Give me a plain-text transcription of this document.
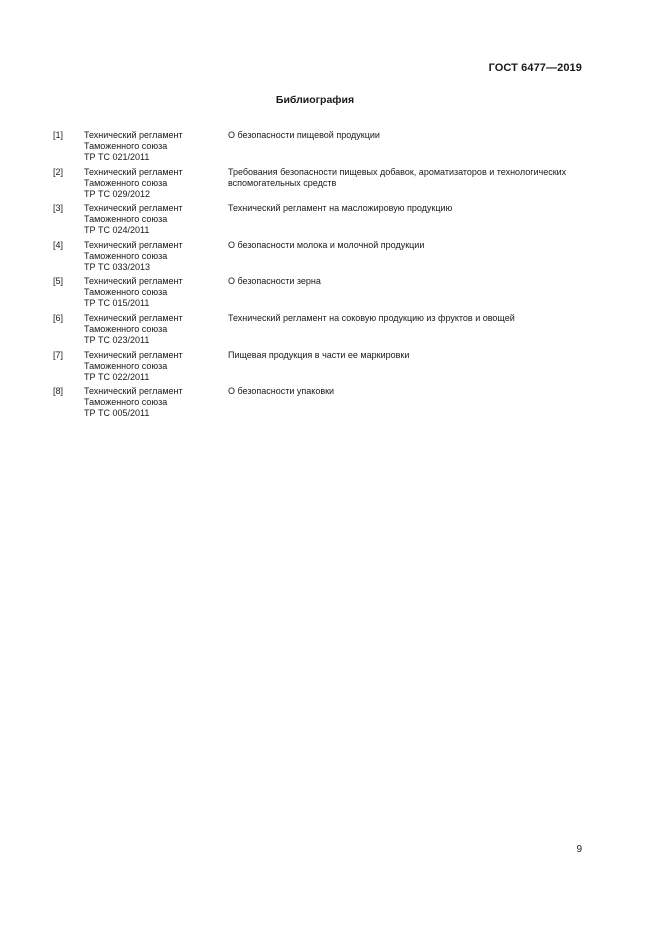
ГОСТ 6477—2019
Библиография
[1] Технический регламент
Таможенного союза
ТР ТС 021/2011
О безопасности пищевой продукции
[2] Технический регламент
Таможенного союза
ТР ТС 029/2012
Требования безопасности пищевых добавок, ароматизаторов и технологических вспомогательных средств
[3] Технический регламент
Таможенного союза
ТР ТС 024/2011
Технический регламент на масложировую продукцию
[4] Технический регламент
Таможенного союза
ТР ТС 033/2013
О безопасности молока и молочной продукции
[5] Технический регламент
Таможенного союза
ТР ТС 015/2011
О безопасности зерна
[6] Технический регламент
Таможенного союза
ТР ТС 023/2011
Технический регламент на соковую продукцию из фруктов и овощей
[7] Технический регламент
Таможенного союза
ТР ТС 022/2011
Пищевая продукция в части ее маркировки
[8] Технический регламент
Таможенного союза
ТР ТС 005/2011
О безопасности упаковки
9
